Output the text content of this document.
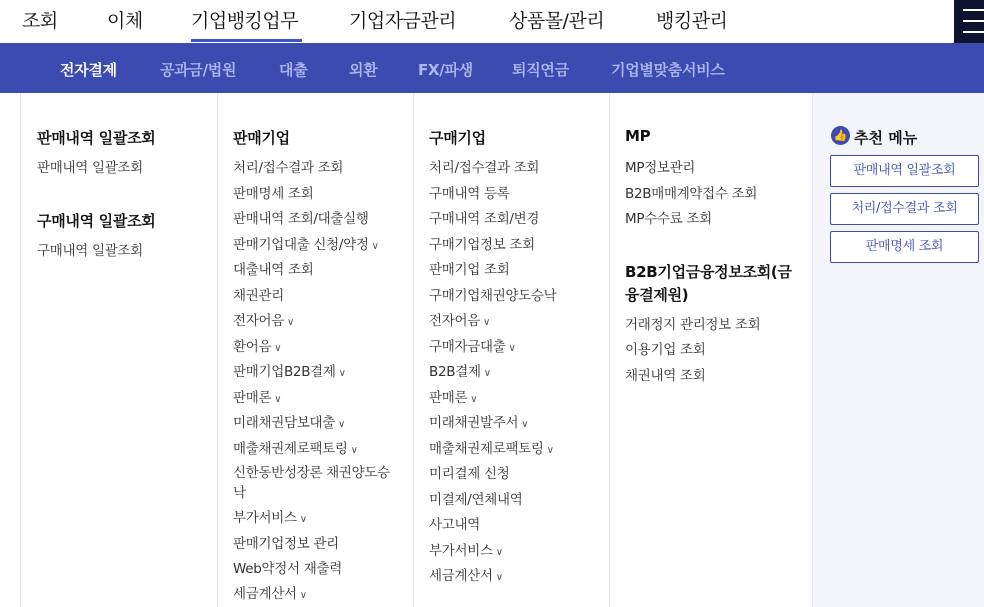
조회	이체	기업뱅킹업무	기업자금관리	상품몰/관리	뱅킹관리
전자결제	공과금/법원	대출	외환	FX/파생	퇴직연금	기업별맞춤서비스
판매내역 일괄조회
판매내역 일괄조회
구매내역 일괄조회
구매내역 일괄조회
판매기업
처리/접수결과 조회
판매명세 조회
판매내역 조회/대출실행
판매기업대출 신청/약정 ∨
대출내역 조회
채권관리
전자어음 ∨
환어음 ∨
판매기업B2B결제 ∨
판매론 ∨
미래채권담보대출 ∨
매출채권제로팩토링 ∨
신한동반성장론 채권양도승
낙
부가서비스 ∨
판매기업정보 관리
Web약정서 재출력
세금계산서 ∨
구매기업
처리/접수결과 조회
구매내역 등록
구매내역 조회/변경
구매기업정보 조회
판매기업 조회
구매기업채권양도승낙
전자어음 ∨
구매자금대출 ∨
B2B결제 ∨
판매론 ∨
미래채권발주서 ∨
매출채권제로팩토링 ∨
미리결제 신청
미결제/연체내역
사고내역
부가서비스 ∨
세금계산서 ∨
MP
MP정보관리
B2B매매계약접수 조회
MP수수료 조회
B2B기업금융정보조회(금
융결제원)
거래정지 관리정보 조회
이용기업 조회
채권내역 조회
👍 추천 메뉴
판매내역 일괄조회
처리/접수결과 조회
판매명세 조회
